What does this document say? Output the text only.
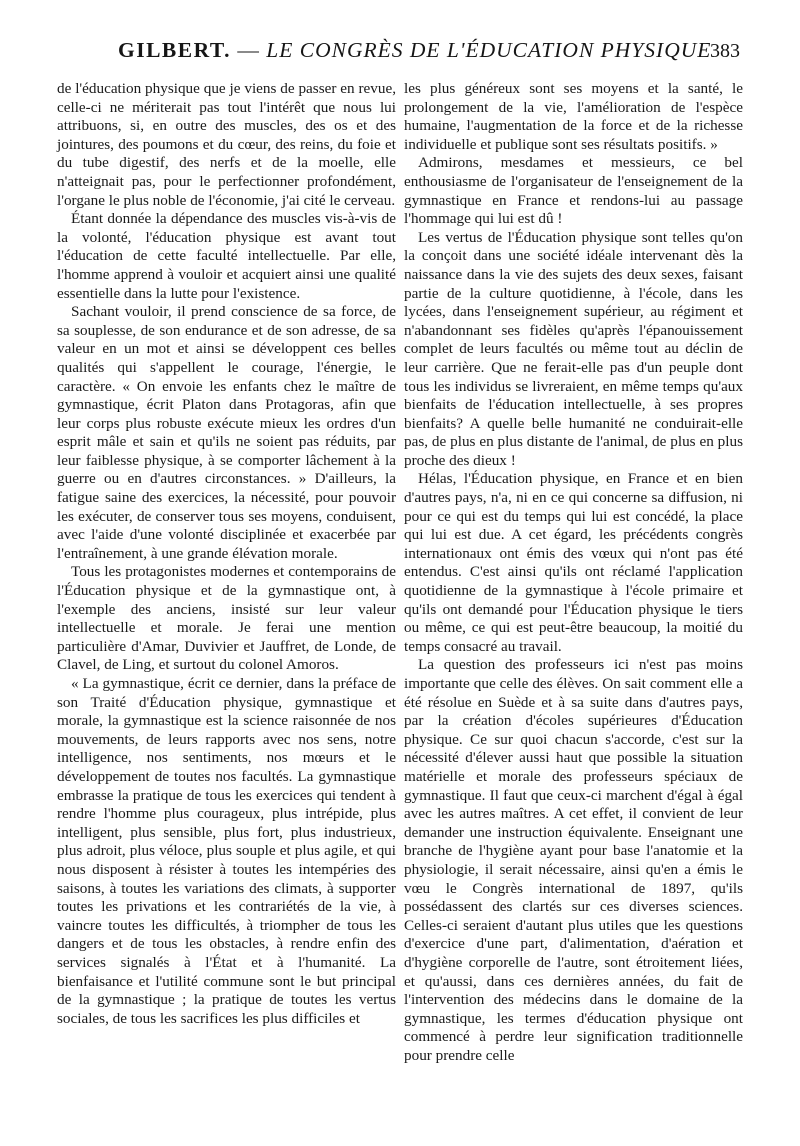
GILBERT. — LE CONGRÈS DE L'ÉDUCATION PHYSIQUE
383

de l'éducation physique que je viens de passer en revue, celle-ci ne mériterait pas tout l'intérêt que nous lui attribuons, si, en outre des muscles, des os et des jointures, des poumons et du cœur, des reins, du foie et du tube digestif, des nerfs et de la moelle, elle n'atteignait pas, pour le perfectionner profondément, l'organe le plus noble de l'économie, j'ai cité le cerveau.

Étant donnée la dépendance des muscles vis-à-vis de la volonté, l'éducation physique est avant tout l'éducation de cette faculté intellectuelle. Par elle, l'homme apprend à vouloir et acquiert ainsi une qualité essentielle dans la lutte pour l'existence.

Sachant vouloir, il prend conscience de sa force, de sa souplesse, de son endurance et de son adresse, de sa valeur en un mot et ainsi se développent ces belles qualités qui s'appellent le courage, l'énergie, le caractère. « On envoie les enfants chez le maître de gymnastique, écrit Platon dans Protagoras, afin que leur corps plus robuste exécute mieux les ordres d'un esprit mâle et sain et qu'ils ne soient pas réduits, par leur faiblesse physique, à se comporter lâchement à la guerre ou en d'autres circonstances. » D'ailleurs, la fatigue saine des exercices, la nécessité, pour pouvoir les exécuter, de conserver tous ses moyens, conduisent, avec l'aide d'une volonté disciplinée et exacerbée par l'entraînement, à une grande élévation morale.

Tous les protagonistes modernes et contemporains de l'Éducation physique et de la gymnastique ont, à l'exemple des anciens, insisté sur leur valeur intellectuelle et morale. Je ferai une mention particulière d'Amar, Duvivier et Jauffret, de Londe, de Clavel, de Ling, et surtout du colonel Amoros.

« La gymnastique, écrit ce dernier, dans la préface de son Traité d'Éducation physique, gymnastique et morale, la gymnastique est la science raisonnée de nos mouvements, de leurs rapports avec nos sens, notre intelligence, nos sentiments, nos mœurs et le développement de toutes nos facultés. La gymnastique embrasse la pratique de tous les exercices qui tendent à rendre l'homme plus courageux, plus intrépide, plus intelligent, plus sensible, plus fort, plus industrieux, plus adroit, plus véloce, plus souple et plus agile, et qui nous disposent à résister à toutes les intempéries des saisons, à toutes les variations des climats, à supporter toutes les privations et les contrariétés de la vie, à vaincre toutes les difficultés, à triompher de tous les dangers et de tous les obstacles, à rendre enfin des services signalés à l'État et à l'humanité. La bienfaisance et l'utilité commune sont le but principal de la gymnastique ; la pratique de toutes les vertus sociales, de tous les sacrifices les plus difficiles et

les plus généreux sont ses moyens et la santé, le prolongement de la vie, l'amélioration de l'espèce humaine, l'augmentation de la force et de la richesse individuelle et publique sont ses résultats positifs. »

Admirons, mesdames et messieurs, ce bel enthousiasme de l'organisateur de l'enseignement de la gymnastique en France et rendons-lui au passage l'hommage qui lui est dû !

Les vertus de l'Éducation physique sont telles qu'on la conçoit dans une société idéale intervenant dès la naissance dans la vie des sujets des deux sexes, faisant partie de la culture quotidienne, à l'école, dans les lycées, dans l'enseignement supérieur, au régiment et n'abandonnant ses fidèles qu'après l'épanouissement complet de leurs facultés ou même tout au déclin de leur carrière. Que ne ferait-elle pas d'un peuple dont tous les individus se livreraient, en même temps qu'aux bienfaits de l'éducation intellectuelle, à ses propres bienfaits? A quelle belle humanité ne conduirait-elle pas, de plus en plus distante de l'animal, de plus en plus proche des dieux !

Hélas, l'Éducation physique, en France et en bien d'autres pays, n'a, ni en ce qui concerne sa diffusion, ni pour ce qui est du temps qui lui est concédé, la place qui lui est due. A cet égard, les précédents congrès internationaux ont émis des vœux qui n'ont pas été entendus. C'est ainsi qu'ils ont réclamé l'application quotidienne de la gymnastique à l'école primaire et qu'ils ont demandé pour l'Éducation physique le tiers ou même, ce qui est peut-être beaucoup, la moitié du temps consacré au travail.

La question des professeurs ici n'est pas moins importante que celle des élèves. On sait comment elle a été résolue en Suède et à sa suite dans d'autres pays, par la création d'écoles supérieures d'Éducation physique. Ce sur quoi chacun s'accorde, c'est sur la nécessité d'élever aussi haut que possible la situation matérielle et morale des professeurs spéciaux de gymnastique. Il faut que ceux-ci marchent d'égal à égal avec les autres maîtres. A cet effet, il convient de leur demander une instruction équivalente. Enseignant une branche de l'hygiène ayant pour base l'anatomie et la physiologie, il serait nécessaire, ainsi qu'en a émis le vœu le Congrès international de 1897, qu'ils possédassent des clartés sur ces diverses sciences. Celles-ci seraient d'autant plus utiles que les questions d'exercice d'une part, d'alimentation, d'aération et d'hygiène corporelle de l'autre, sont étroitement liées, et qu'aussi, dans ces dernières années, du fait de l'intervention des médecins dans le domaine de la gymnastique, les termes d'éducation physique ont commencé à perdre leur signification traditionnelle pour prendre celle
